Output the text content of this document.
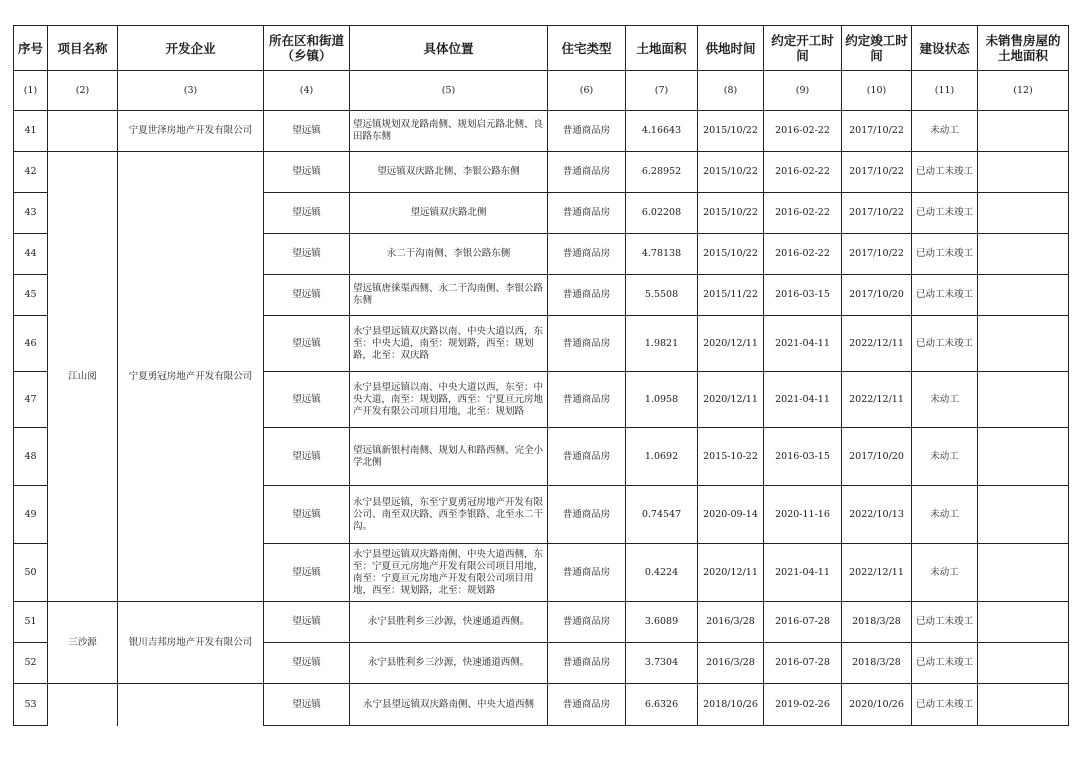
序号	项目名称	开发企业	所在区和街道（乡镇）	具体位置	住宅类型	土地面积	供地时间	约定开工时间	约定竣工时间	建设状态	未销售房屋的土地面积
(1)	(2)	(3)	(4)	(5)	(6)	(7)	(8)	(9)	(10)	(11)	(12)
41		宁夏世泽房地产开发有限公司	望远镇	望远镇规划双龙路南侧、规划启元路北侧、良田路东侧	普通商品房	4.16643	2015/10/22	2016-02-22	2017/10/22	未动工	
42	江山阅	宁夏勇冠房地产开发有限公司	望远镇	望远镇双庆路北侧、李银公路东侧	普通商品房	6.28952	2015/10/22	2016-02-22	2017/10/22	已动工未竣工	
43			望远镇	望远镇双庆路北侧	普通商品房	6.02208	2015/10/22	2016-02-22	2017/10/22	已动工未竣工	
44			望远镇	永二干沟南侧、李银公路东侧	普通商品房	4.78138	2015/10/22	2016-02-22	2017/10/22	已动工未竣工	
45			望远镇	望远镇唐徕渠西侧、永二干沟南侧、李银公路东侧	普通商品房	5.5508	2015/11/22	2016-03-15	2017/10/20	已动工未竣工	
46			望远镇	永宁县望远镇双庆路以南、中央大道以西，东至：中央大道，南至：规划路，西至：规划路，北至：双庆路	普通商品房	1.9821	2020/12/11	2021-04-11	2022/12/11	已动工未竣工	
47			望远镇	永宁县望远镇以南、中央大道以西，东至：中央大道，南至：规划路，西至：宁夏亘元房地产开发有限公司项目用地，北至：规划路	普通商品房	1.0958	2020/12/11	2021-04-11	2022/12/11	未动工	
48			望远镇	望远镇新银村南侧、规划人和路西侧、完全小学北侧	普通商品房	1.0692	2015-10-22	2016-03-15	2017/10/20	未动工	
49			望远镇	永宁县望远镇，东至宁夏勇冠房地产开发有限公司、南至双庆路、西至李银路、北至永二干沟。	普通商品房	0.74547	2020-09-14	2020-11-16	2022/10/13	未动工	
50			望远镇	永宁县望远镇双庆路南侧、中央大道西侧，东至：宁夏亘元房地产开发有限公司项目用地，南至：宁夏亘元房地产开发有限公司项目用地，西至：规划路，北至：规划路	普通商品房	0.4224	2020/12/11	2021-04-11	2022/12/11	未动工	
51	三沙源	银川吉邦房地产开发有限公司	望远镇	永宁县胜利乡三沙源，快速通道西侧。	普通商品房	3.6089	2016/3/28	2016-07-28	2018/3/28	已动工未竣工	
52			望远镇	永宁县胜利乡三沙源，快速通道西侧。	普通商品房	3.7304	2016/3/28	2016-07-28	2018/3/28	已动工未竣工	
53			望远镇	永宁县望远镇双庆路南侧、中央大道西侧	普通商品房	6.6326	2018/10/26	2019-02-26	2020/10/26	已动工未竣工	
